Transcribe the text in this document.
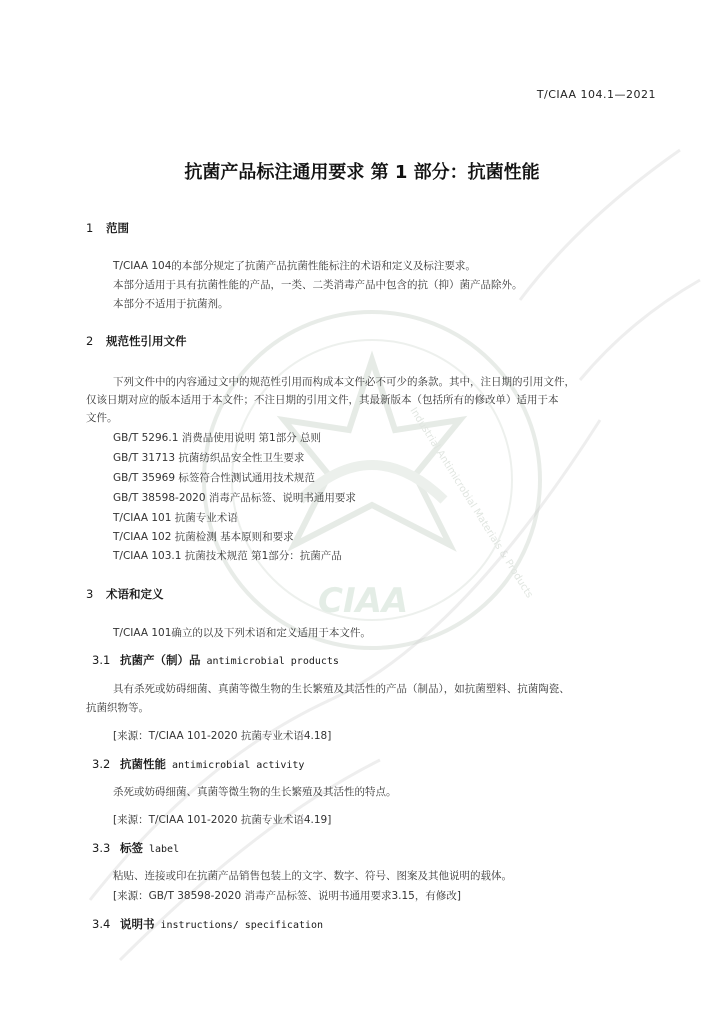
Industrial Antimicrobial Materials & Products
CIAA
T/CIAA 104.1—2021
抗菌产品标注通用要求 第 1 部分：抗菌性能
1 范围
T/CIAA 104的本部分规定了抗菌产品抗菌性能标注的术语和定义及标注要求。
本部分适用于具有抗菌性能的产品，一类、二类消毒产品中包含的抗（抑）菌产品除外。
本部分不适用于抗菌剂。
2 规范性引用文件
下列文件中的内容通过文中的规范性引用而构成本文件必不可少的条款。其中，注日期的引用文件，
仅该日期对应的版本适用于本文件；不注日期的引用文件，其最新版本（包括所有的修改单）适用于本
文件。
GB/T 5296.1 消费品使用说明 第1部分 总则
GB/T 31713 抗菌纺织品安全性卫生要求
GB/T 35969 标签符合性测试通用技术规范
GB/T 38598-2020 消毒产品标签、说明书通用要求
T/CIAA 101 抗菌专业术语
T/CIAA 102 抗菌检测 基本原则和要求
T/CIAA 103.1 抗菌技术规范 第1部分：抗菌产品
3 术语和定义
T/CIAA 101确立的以及下列术语和定义适用于本文件。
3.1 抗菌产（制）品 antimicrobial products
具有杀死或妨碍细菌、真菌等微生物的生长繁殖及其活性的产品（制品），如抗菌塑料、抗菌陶瓷、
抗菌织物等。
[来源：T/CIAA 101-2020 抗菌专业术语4.18]
3.2 抗菌性能 antimicrobial activity
杀死或妨碍细菌、真菌等微生物的生长繁殖及其活性的特点。
[来源：T/CIAA 101-2020 抗菌专业术语4.19]
3.3 标签 label
粘贴、连接或印在抗菌产品销售包装上的文字、数字、符号、图案及其他说明的载体。
[来源：GB/T 38598-2020 消毒产品标签、说明书通用要求3.15，有修改]
3.4 说明书 instructions/ specification
